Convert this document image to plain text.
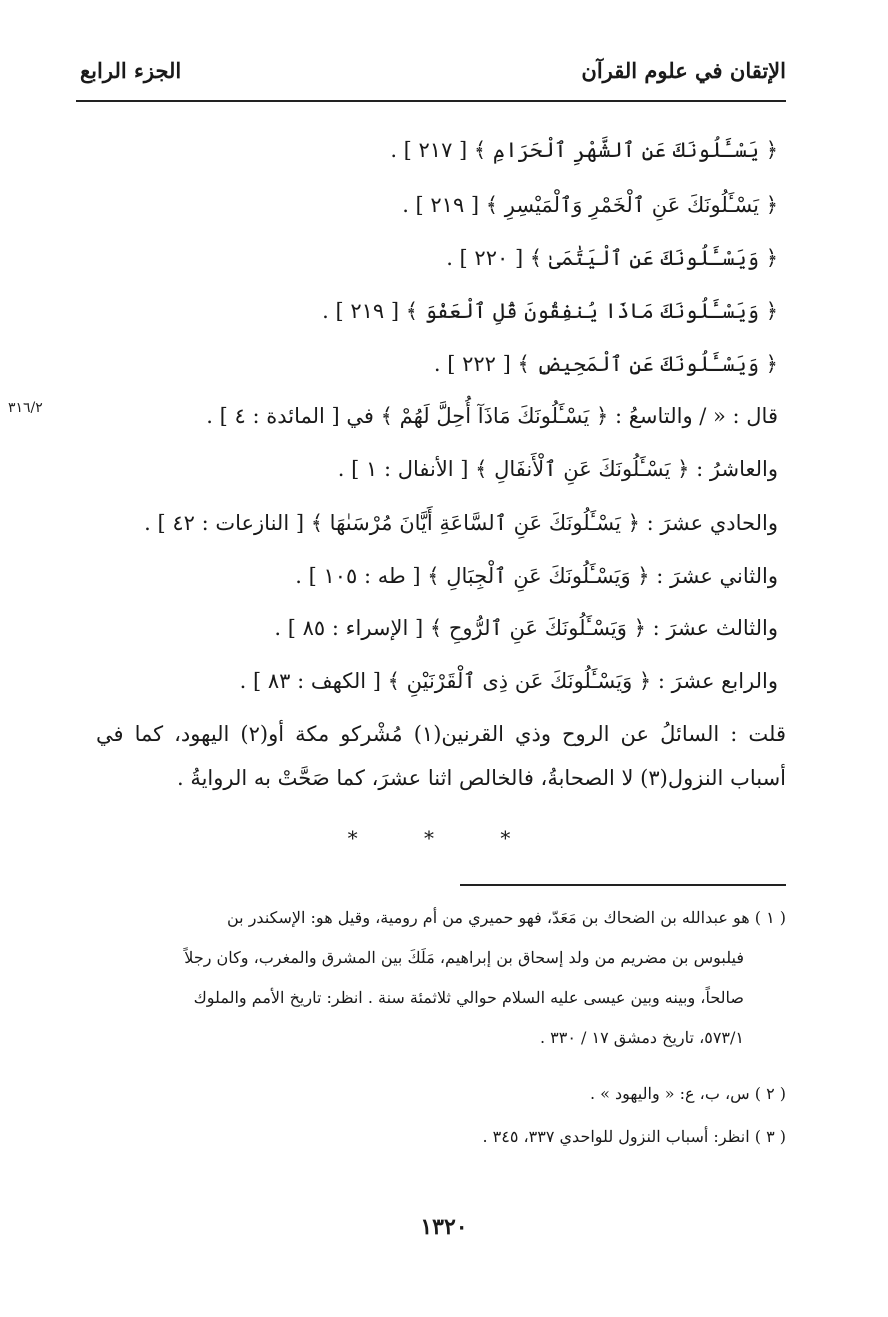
الإتقان في علوم القرآن
الجزء الرابع
﴿ يَسْـَٔلُونَكَ عَنِ ٱلشَّهْرِ ٱلْحَرَامِ ﴾ [ ٢١٧ ] .
﴿ يَسْـَٔلُونَكَ عَنِ ٱلْخَمْرِ وَٱلْمَيْسِرِ ﴾ [ ٢١٩ ] .
﴿ وَيَسْـَٔلُونَكَ عَنِ ٱلْيَتَٰمَىٰ ﴾ [ ٢٢٠ ] .
﴿ وَيَسْـَٔلُونَكَ مَاذَا يُنفِقُونَ قُلِ ٱلْعَفْوَ ﴾ [ ٢١٩ ] .
﴿ وَيَسْـَٔلُونَكَ عَنِ ٱلْمَحِيضِ ﴾ [ ٢٢٢ ] .
قال : « / والتاسعُ : ﴿ يَسْـَٔلُونَكَ مَاذَآ أُحِلَّ لَهُمْ ﴾ في [ المائدة : ٤ ] .
٣١٦/٢
والعاشرُ : ﴿ يَسْـَٔلُونَكَ عَنِ ٱلْأَنفَالِ ﴾ [ الأنفال : ١ ] .
والحادي عشرَ : ﴿ يَسْـَٔلُونَكَ عَنِ ٱلسَّاعَةِ أَيَّانَ مُرْسَىٰهَا ﴾ [ النازعات : ٤٢ ] .
والثاني عشرَ : ﴿ وَيَسْـَٔلُونَكَ عَنِ ٱلْجِبَالِ ﴾ [ طه : ١٠٥ ] .
والثالث عشرَ : ﴿ وَيَسْـَٔلُونَكَ عَنِ ٱلرُّوحِ ﴾ [ الإسراء : ٨٥ ] .
والرابع عشرَ : ﴿ وَيَسْـَٔلُونَكَ عَن ذِى ٱلْقَرْنَيْنِ ﴾ [ الكهف : ٨٣ ] .
قلت : السائلُ عن الروح وذي القرنين(١) مُشْركو مكة أو(٢) اليهود، كما في أسباب النزول(٣) لا الصحابةُ، فالخالص اثنا عشرَ، كما صَحَّتْ به الروايةُ .
* * *
( ١ ) هو عبدالله بن الضحاك بن مَعَدّ، فهو حميري من أم رومية، وقيل هو: الإسكندر بن
فيلبوس بن مضريم من ولد إسحاق بن إبراهيم، مَلَكَ بين المشرق والمغرب، وكان رجلاً
صالحاً، وبينه وبين عيسى عليه السلام حوالي ثلاثمئة سنة . انظر: تاريخ الأمم والملوك
٥٧٣/١، تاريخ دمشق ١٧ / ٣٣٠ .
( ٢ ) س، ب، ع: « واليهود » .
( ٣ ) انظر: أسباب النزول للواحدي ٣٣٧، ٣٤٥ .
١٣٢٠
